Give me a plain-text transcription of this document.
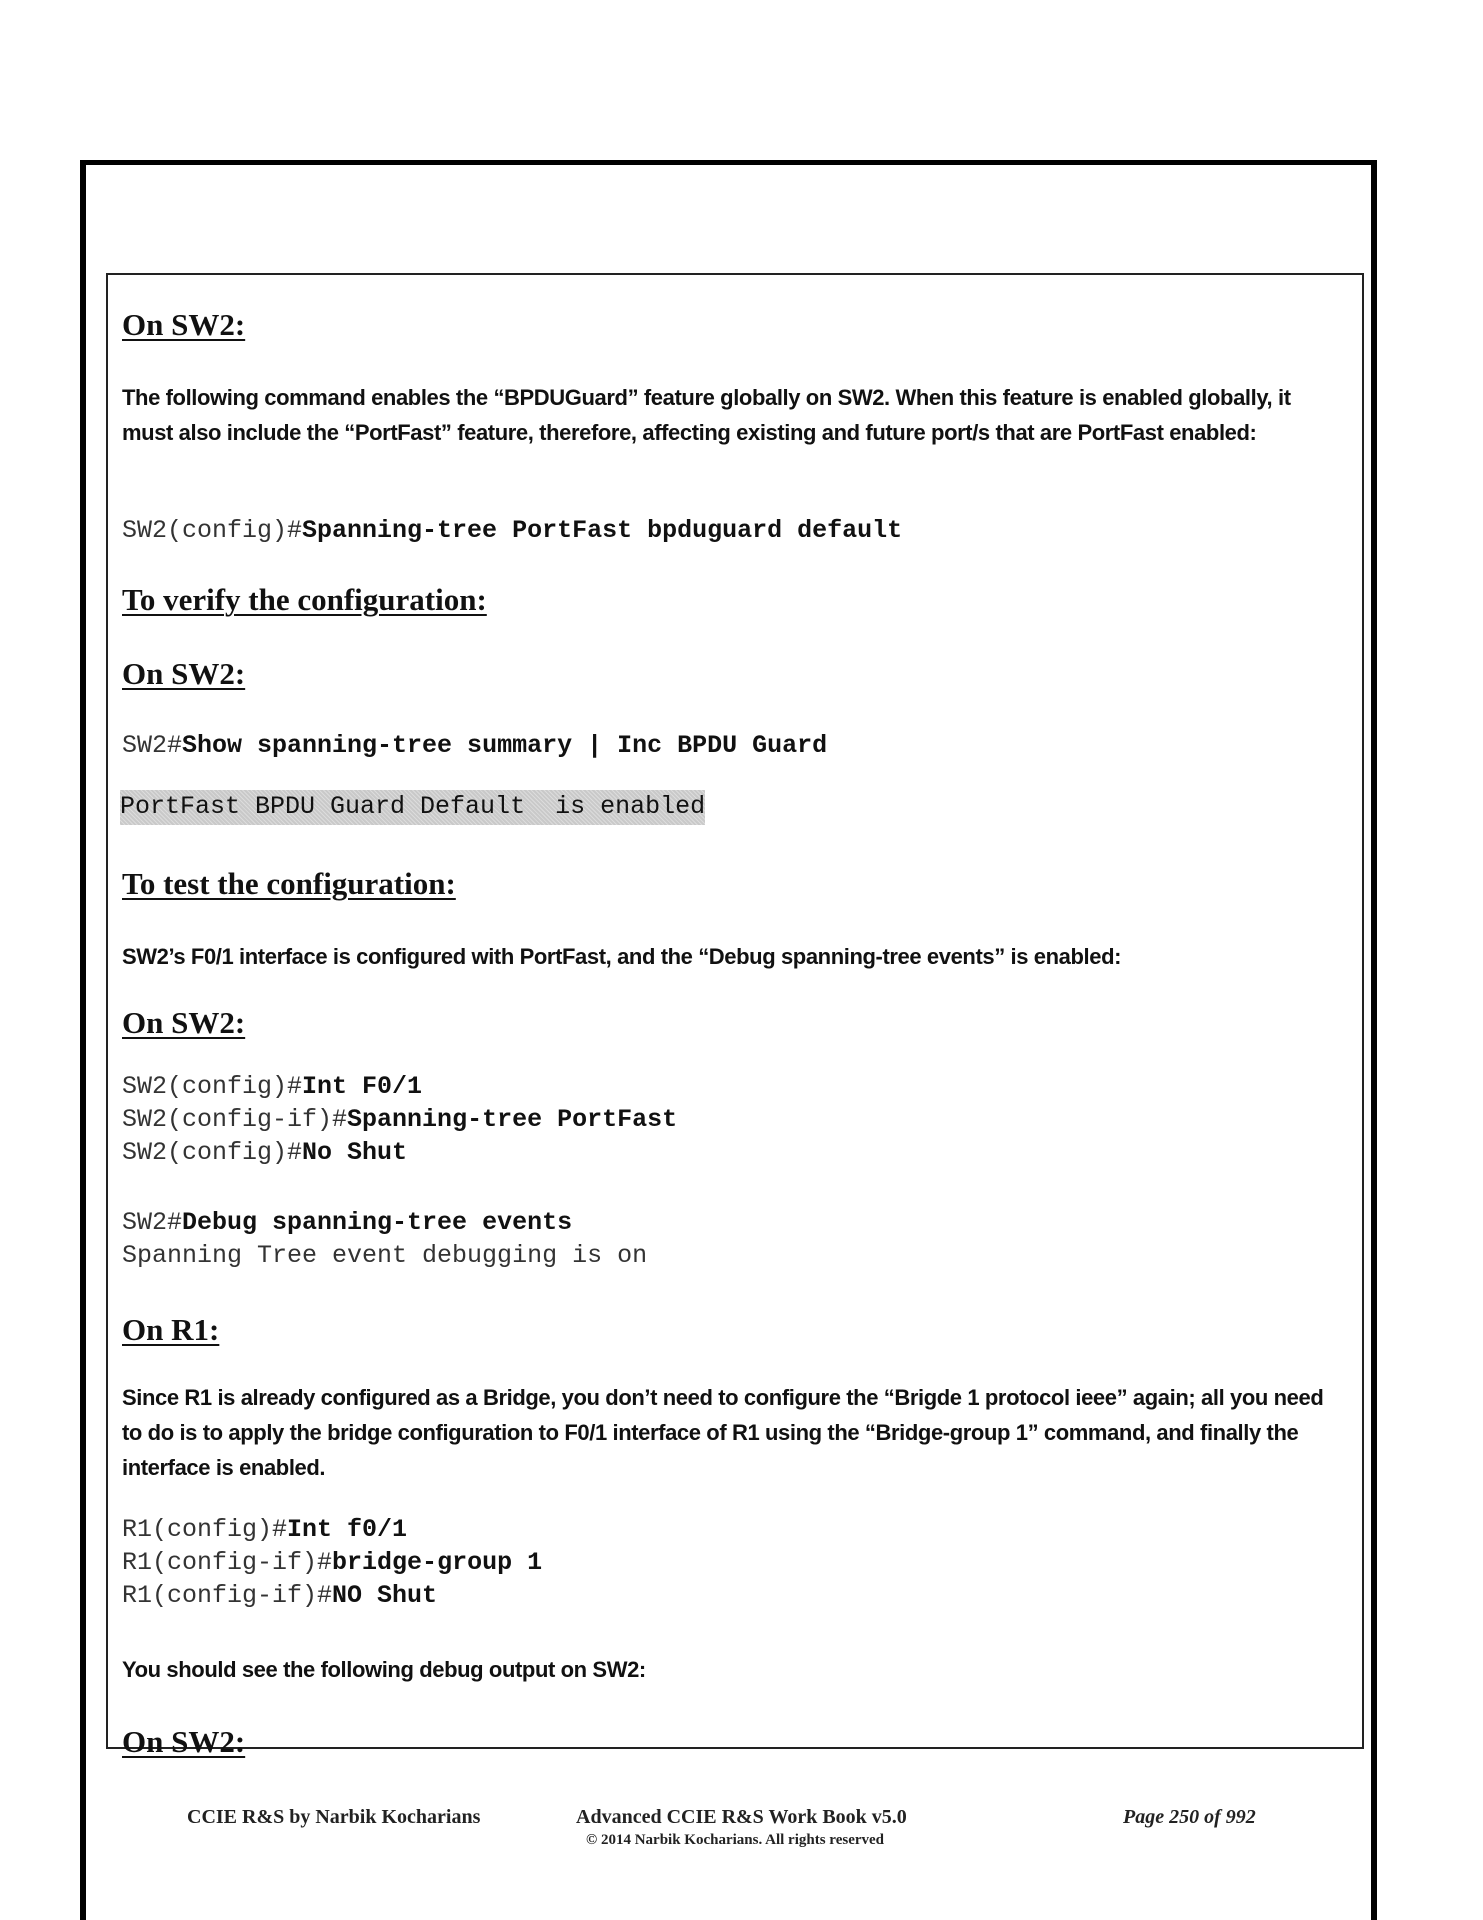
On SW2:
The following command enables the “BPDUGuard” feature globally on SW2. When this feature is enabled globally, it must also include the “PortFast” feature, therefore, affecting existing and future port/s that are PortFast enabled:
SW2(config)#Spanning-tree PortFast bpduguard default
To verify the configuration:
On SW2:
SW2#Show spanning-tree summary | Inc BPDU Guard
PortFast BPDU Guard Default  is enabled
To test the configuration:
SW2’s F0/1 interface is configured with PortFast, and the “Debug spanning-tree events” is enabled:
On SW2:
SW2(config)#Int F0/1
SW2(config-if)#Spanning-tree PortFast
SW2(config)#No Shut
SW2#Debug spanning-tree events
Spanning Tree event debugging is on
On R1:
Since R1 is already configured as a Bridge, you don’t need to configure the “Brigde 1 protocol ieee” again; all you need to do is to apply the bridge configuration to F0/1 interface of R1 using the “Bridge-group 1” command, and finally the interface is enabled.
R1(config)#Int f0/1
R1(config-if)#bridge-group 1
R1(config-if)#NO Shut
You should see the following debug output on SW2:
On SW2:
CCIE R&S by Narbik Kocharians	Advanced CCIE R&S Work Book v5.0
© 2014 Narbik Kocharians. All rights reserved
Page 250 of 992
